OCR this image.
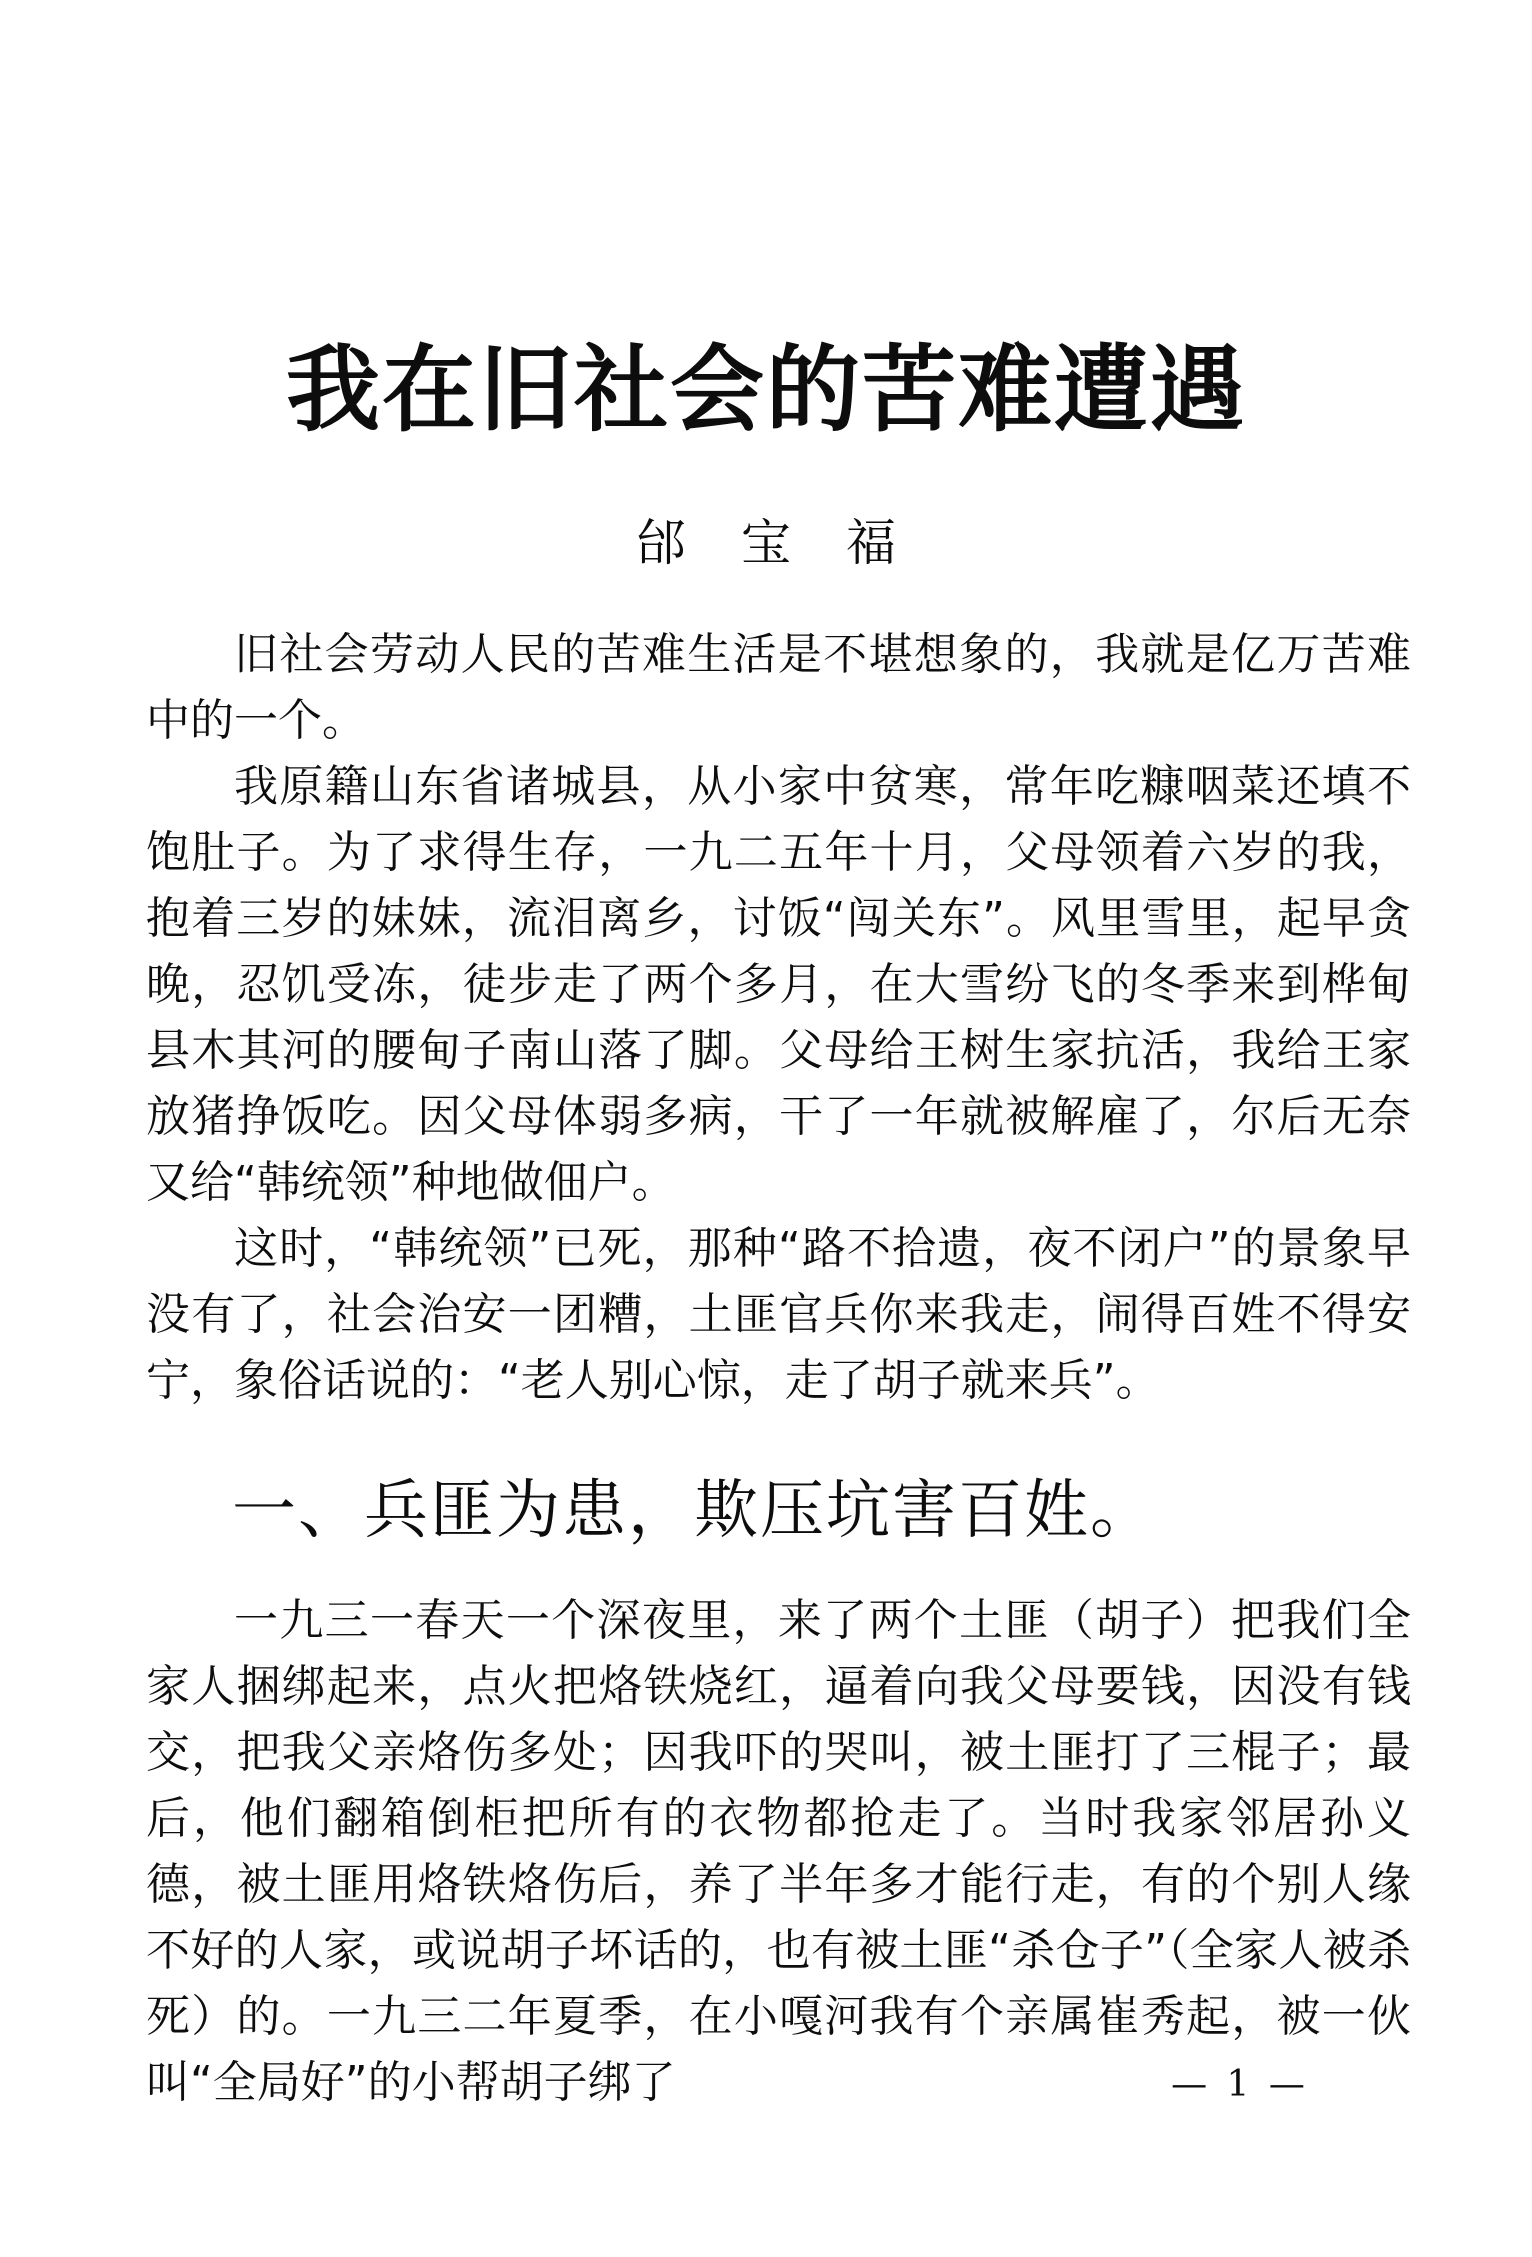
我在旧社会的苦难遭遇
邰宝福

旧社会劳动人民的苦难生活是不堪想象的，我就是亿万苦难中的一个。

我原籍山东省诸城县，从小家中贫寒，常年吃糠咽菜还填不饱肚子。为了求得生存，一九二五年十月，父母领着六岁的我，抱着三岁的妹妹，流泪离乡，讨饭“闯关东”。风里雪里，起早贪晚，忍饥受冻，徒步走了两个多月，在大雪纷飞的冬季来到桦甸县木其河的腰甸子南山落了脚。父母给王树生家抗活，我给王家放猪挣饭吃。因父母体弱多病，干了一年就被解雇了，尔后无奈又给“韩统领”种地做佃户。

这时，“韩统领”已死，那种“路不拾遗，夜不闭户”的景象早没有了，社会治安一团糟，土匪官兵你来我走，闹得百姓不得安宁，象俗话说的：“老人别心惊，走了胡子就来兵”。

一、兵匪为患，欺压坑害百姓。

一九三一春天一个深夜里，来了两个土匪（胡子）把我们全家人捆绑起来，点火把烙铁烧红，逼着向我父母要钱，因没有钱交，把我父亲烙伤多处；因我吓的哭叫，被土匪打了三棍子；最后，他们翻箱倒柜把所有的衣物都抢走了。当时我家邻居孙义德，被土匪用烙铁烙伤后，养了半年多才能行走，有的个别人缘不好的人家，或说胡子坏话的，也有被土匪“杀仓子”（全家人被杀死）的。一九三二年夏季，在小嘎河我有个亲属崔秀起，被一伙叫“全局好”的小帮胡子绑了	— 1 —
